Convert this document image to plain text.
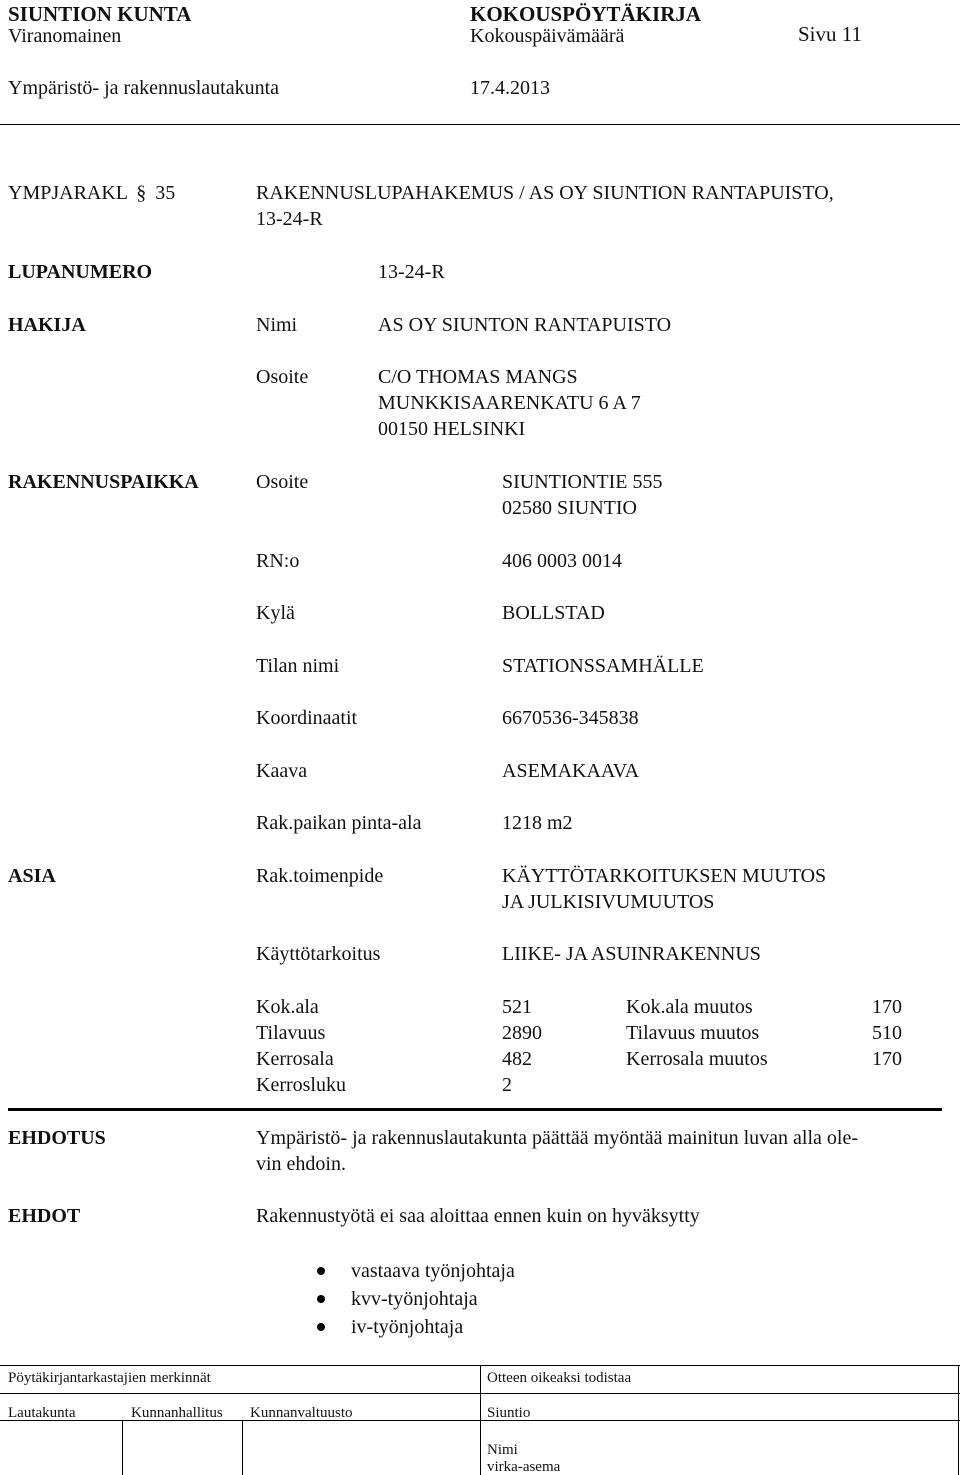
SIUNTION KUNTA	KOKOUSPÖYTÄKIRJA
Viranomainen	Kokouspäivämäärä	Sivu 11
Ympäristö- ja rakennuslautakunta	17.4.2013
YMPJARAKL § 35	RAKENNUSLUPAHAKEMUS / AS OY SIUNTION RANTAPUISTO,
13-24-R
LUPANUMERO	13-24-R
HAKIJA	Nimi	AS OY SIUNTON RANTAPUISTO
Osoite	C/O THOMAS MANGS
MUNKKISAARENKATU 6 A 7
00150 HELSINKI
RAKENNUSPAIKKA	Osoite	SIUNTIONTIE 555
02580 SIUNTIO
RN:o	406 0003 0014
Kylä	BOLLSTAD
Tilan nimi	STATIONSSAMHÄLLE
Koordinaatit	6670536-345838
Kaava	ASEMAKAAVA
Rak.paikan pinta-ala	1218 m2
ASIA	Rak.toimenpide	KÄYTTÖTARKOITUKSEN MUUTOS
JA JULKISIVUMUUTOS
Käyttötarkoitus	LIIKE- JA ASUINRAKENNUS
Kok.ala	521	Kok.ala muutos	170
Tilavuus	2890	Tilavuus muutos	510
Kerrosala	482	Kerrosala muutos	170
Kerrosluku	2
EHDOTUS	Ympäristö- ja rakennuslautakunta päättää myöntää mainitun luvan alla ole-
vin ehdoin.
EHDOT	Rakennustyötä ei saa aloittaa ennen kuin on hyväksytty
vastaava työnjohtaja
kvv-työnjohtaja
iv-työnjohtaja
Pöytäkirjantarkastajien merkinnät	Otteen oikeaksi todistaa
Lautakunta	Kunnanhallitus Kunnanvaltuusto	Siuntio
Nimi
virka-asema
